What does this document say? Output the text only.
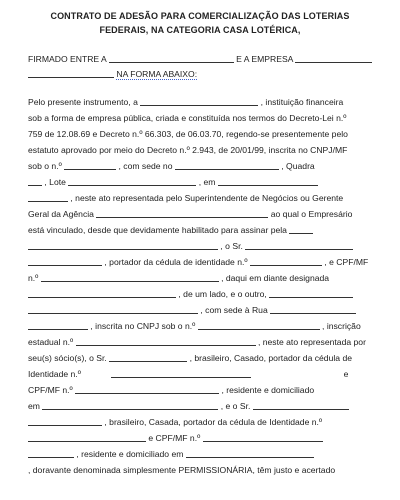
CONTRATO DE ADESÃO PARA COMERCIALIZAÇÃO DAS LOTERIAS
FEDERAIS, NA CATEGORIA CASA LOTÉRICA,
FIRMADO ENTRE A	E A EMPRESA
NA FORMA ABAIXO:
Pelo presente instrumento, a	, instituição financeira
sob a forma de empresa pública, criada e constituída nos termos do Decreto-Lei n.º
759 de 12.08.69 e Decreto n.º 66.303, de 06.03.70, regendo-se presentemente pelo
estatuto aprovado por meio do Decreto n.º 2.943, de 20/01/99, inscrita no CNPJ/MF
sob o n.º	, com sede no	, Quadra
, Lote	, em
, neste ato representada pelo Superintendente de Negócios ou Gerente
Geral da Agência	ao qual o Empresário
está vinculado, desde que devidamente habilitado para assinar pela
, o Sr.
, portador da cédula de identidade n.º	, e CPF/MF
n.º	, daqui em diante designada
, de um lado, e o outro,
, com sede à Rua
, inscrita no CNPJ sob o n.º	, inscrição
estadual n.º	, neste ato representada por
seu(s) sócio(s), o Sr.	, brasileiro, Casado, portador da cédula de
Identidade n.º	e
CPF/MF n.º	, residente e domiciliado
em	, e o Sr.
, brasileiro, Casada, portador da cédula de Identidade n.º
e CPF/MF n.º
, residente e domiciliado em
, doravante denominada simplesmente PERMISSIONÁRIA, têm justo e acertado
